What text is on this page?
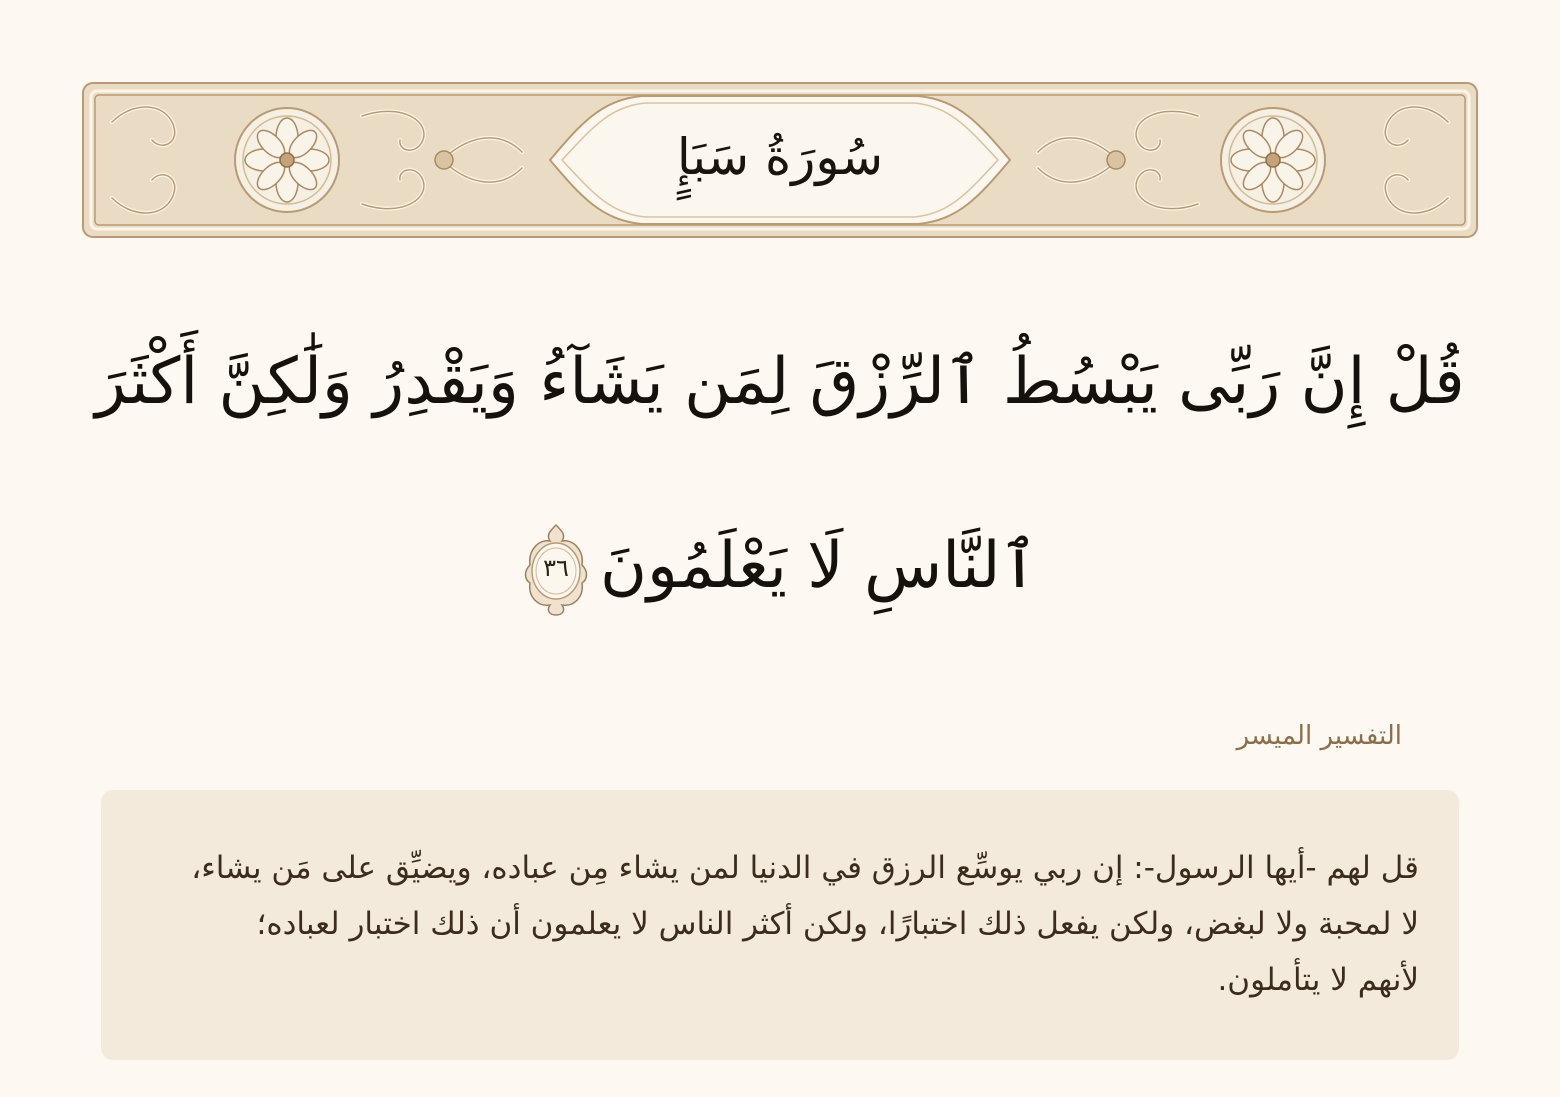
سُورَةُ سَبَإٍ
قُلْ إِنَّ رَبِّى يَبْسُطُ ٱلرِّزْقَ لِمَن يَشَآءُ وَيَقْدِرُ وَلَٰكِنَّ أَكْثَرَ
ٱلنَّاسِ لَا يَعْلَمُونَ
٣٦
التفسير الميسر
قل لهم -أيها الرسول-: إن ربي يوسِّع الرزق في الدنيا لمن يشاء مِن عباده، ويضيِّق على مَن يشاء، لا لمحبة ولا لبغض، ولكن يفعل ذلك اختبارًا، ولكن أكثر الناس لا يعلمون أن ذلك اختبار لعباده؛ لأنهم لا يتأملون.
